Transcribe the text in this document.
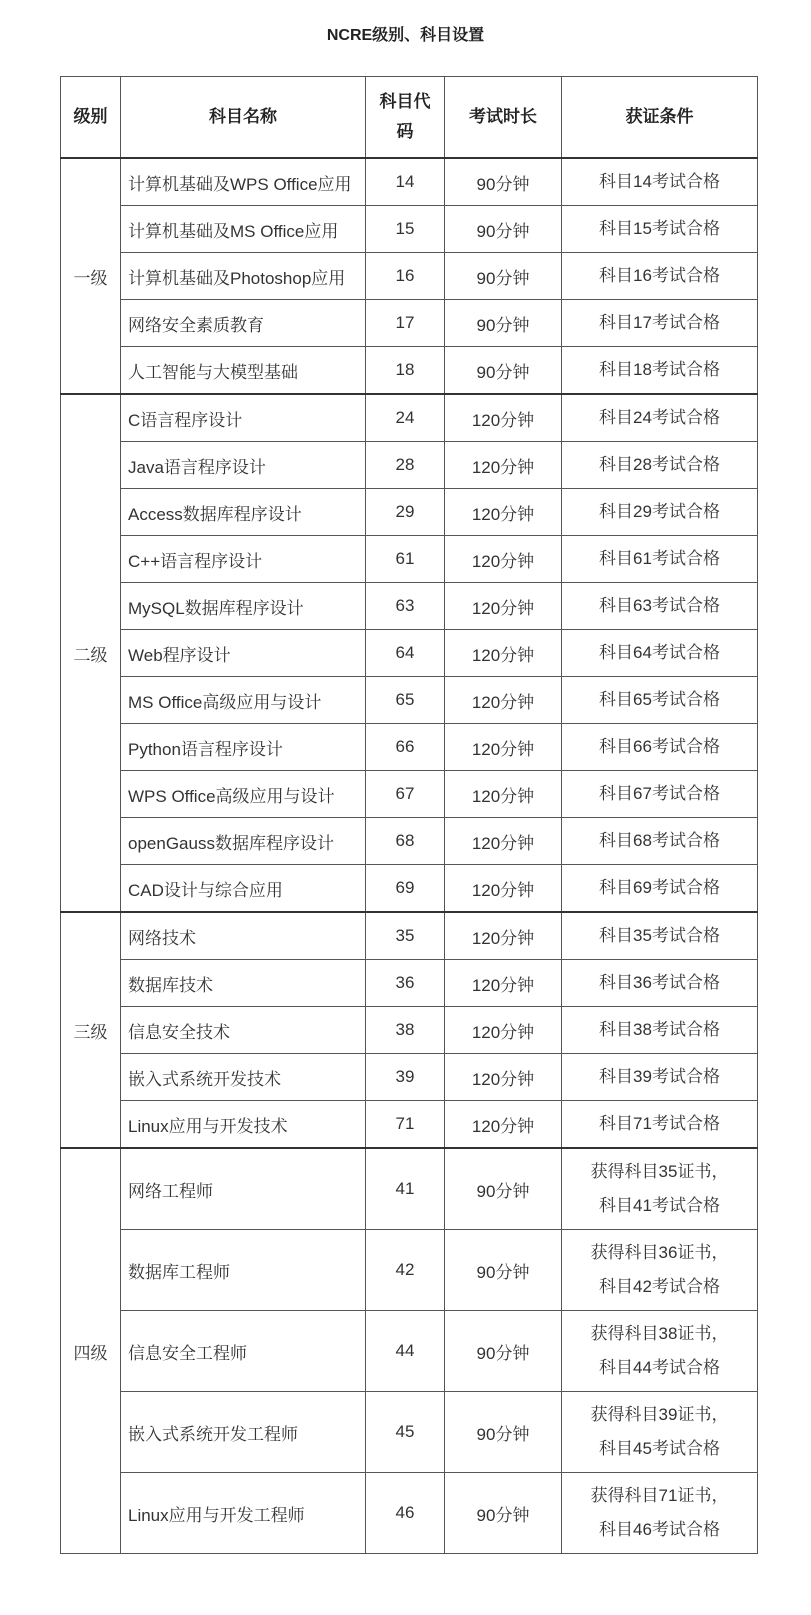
NCRE级别、科目设置
级别	科目名称	科目代码	考试时长	获证条件
一级	计算机基础及WPS Office应用	14	90分钟	科目14考试合格

	计算机基础及MS Office应用	15	90分钟	科目15考试合格

	计算机基础及Photoshop应用	16	90分钟	科目16考试合格

	网络安全素质教育	17	90分钟	科目17考试合格

	人工智能与大模型基础	18	90分钟	科目18考试合格

二级	C语言程序设计	24	120分钟	科目24考试合格

	Java语言程序设计	28	120分钟	科目28考试合格

	Access数据库程序设计	29	120分钟	科目29考试合格

	C++语言程序设计	61	120分钟	科目61考试合格

	MySQL数据库程序设计	63	120分钟	科目63考试合格

	Web程序设计	64	120分钟	科目64考试合格

	MS Office高级应用与设计	65	120分钟	科目65考试合格

	Python语言程序设计	66	120分钟	科目66考试合格

	WPS Office高级应用与设计	67	120分钟	科目67考试合格

	openGauss数据库程序设计	68	120分钟	科目68考试合格

	CAD设计与综合应用	69	120分钟	科目69考试合格

三级	网络技术	35	120分钟	科目35考试合格

	数据库技术	36	120分钟	科目36考试合格

	信息安全技术	38	120分钟	科目38考试合格

	嵌入式系统开发技术	39	120分钟	科目39考试合格

	Linux应用与开发技术	71	120分钟	科目71考试合格

四级	网络工程师	41	90分钟	获得科目35证书，
科目41考试合格

	数据库工程师	42	90分钟	获得科目36证书，
科目42考试合格

	信息安全工程师	44	90分钟	获得科目38证书，
科目44考试合格

	嵌入式系统开发工程师	45	90分钟	获得科目39证书，
科目45考试合格

	Linux应用与开发工程师	46	90分钟	获得科目71证书，
科目46考试合格
